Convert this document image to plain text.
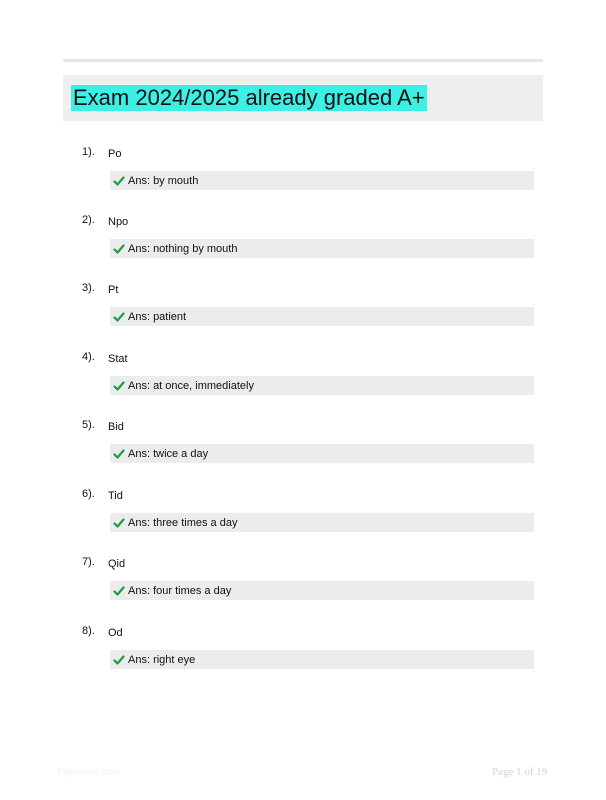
Exam 2024/2025 already graded A+
1). Po
Ans: by mouth
2). Npo
Ans: nothing by mouth
3). Pt
Ans: patient
4). Stat
Ans: at once, immediately
5). Bid
Ans: twice a day
6). Tid
Ans: three times a day
7). Qid
Ans: four times a day
8). Od
Ans: right eye
Paperstic.com	Page 1 of 19
